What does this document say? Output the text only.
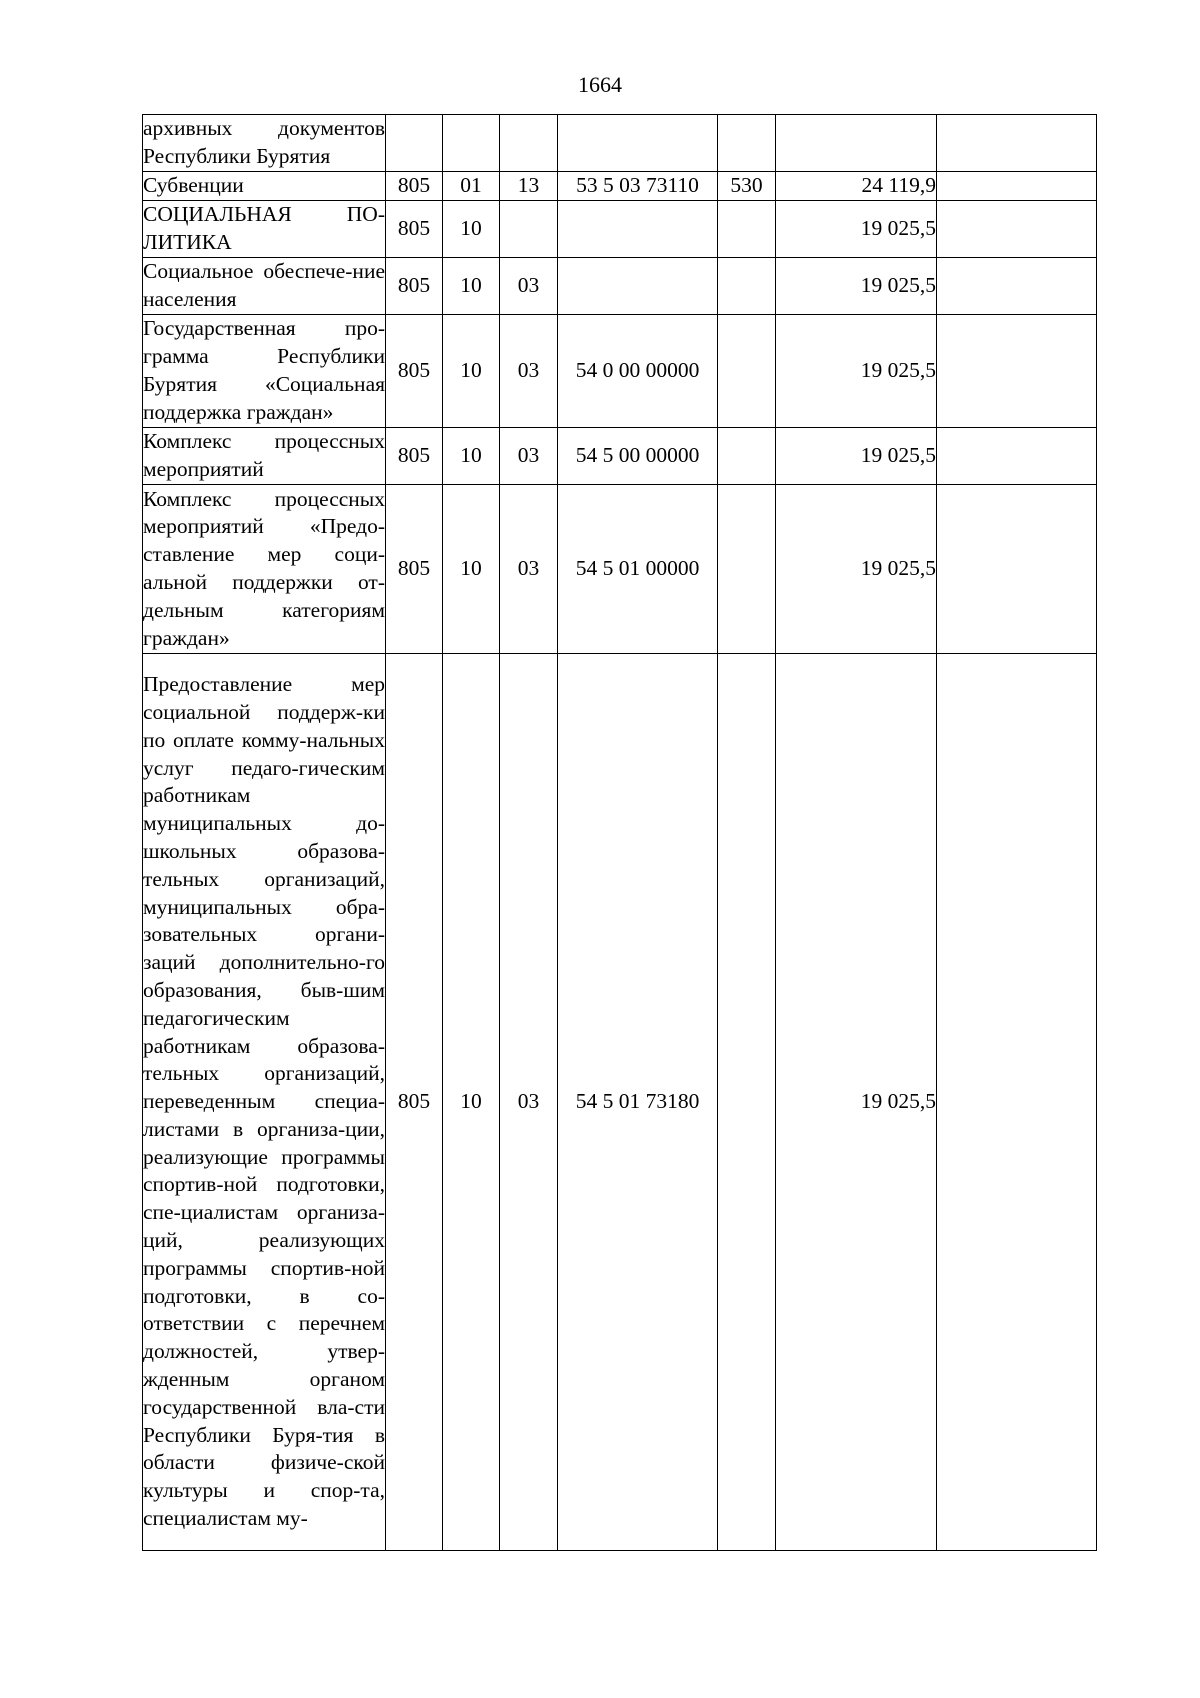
1664
архивных документов Республики Бурятия							
Субвенции	805	01	13	53 5 03 73110	530	24 119,9	
СОЦИАЛЬНАЯ ПО-ЛИТИКА	805	10				19 025,5	
Социальное обеспече-ние населения	805	10	03			19 025,5	
Государственная про-грамма Республики Бурятия «Социальная поддержка граждан»	805	10	03	54 0 00 00000		19 025,5	
Комплекс процессных мероприятий	805	10	03	54 5 00 00000		19 025,5	
Комплекс процессных мероприятий «Предо-ставление мер соци-альной поддержки от-дельным категориям граждан»	805	10	03	54 5 01 00000		19 025,5	
Предоставление мер социальной поддерж-ки по оплате комму-нальных услуг педаго-гическим работникам муниципальных до-школьных образова-тельных организаций, муниципальных обра-зовательных органи-заций дополнительно-го образования, быв-шим педагогическим работникам образова-тельных организаций, переведенным специа-листами в организа-ции, реализующие программы спортив-ной подготовки, спе-циалистам организа-ций, реализующих программы спортив-ной подготовки, в со-ответствии с перечнем должностей, утвер-жденным органом государственной вла-сти Республики Буря-тия в области физиче-ской культуры и спор-та, специалистам му-	805	10	03	54 5 01 73180		19 025,5	
